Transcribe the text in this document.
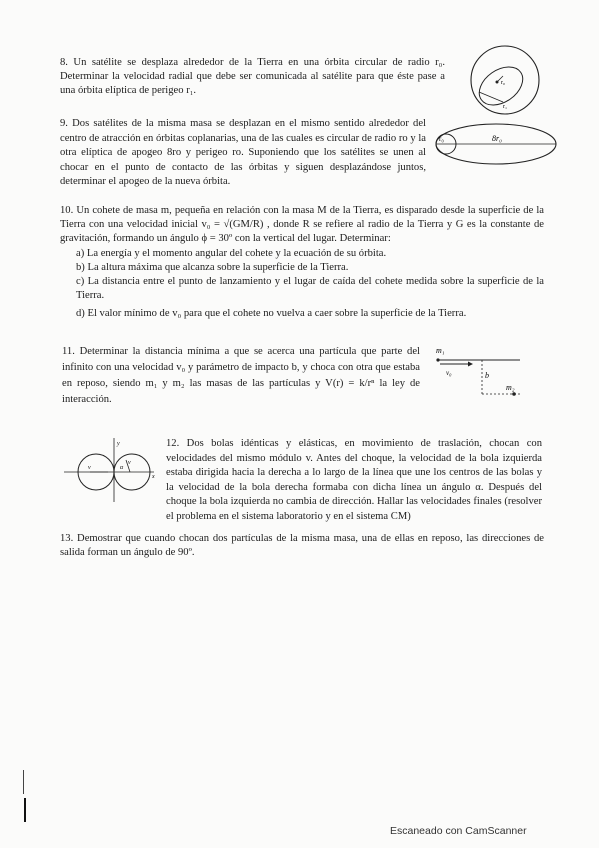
8. Un satélite se desplaza alrededor de la Tierra en una órbita circular de radio r₀. Determinar la velocidad radial que debe ser comunicada al satélite para que éste pase a una órbita elíptica de perigeo r₁.

r₀
r₁

9. Dos satélites de la misma masa se desplazan en el mismo sentido alrededor del centro de atracción en órbitas coplanarias, una de las cuales es circular de radio ro y la otra elíptica de apogeo 8ro y perigeo ro. Suponiendo que los satélites se unen al chocar en el punto de contacto de las órbitas y siguen desplazándose juntos, determinar el apogeo de la nueva órbita.

r₀	8r₀

10. Un cohete de masa m, pequeña en relación con la masa M de la Tierra, es disparado desde la superficie de la Tierra con una velocidad inicial v₀ = √(GM/R) , donde R se refiere al radio de la Tierra y G es la constante de gravitación, formando un ángulo ϕ = 30º con la vertical del lugar. Determinar:

a) La energía y el momento angular del cohete y la ecuación de su órbita.

b) La altura máxima que alcanza sobre la superficie de la Tierra.

c) La distancia entre el punto de lanzamiento y el lugar de caída del cohete medida sobre la superficie de la Tierra.

d) El valor mínimo de v₀ para que el cohete no vuelva a caer sobre la superficie de la Tierra.

11. Determinar la distancia mínima a que se acerca una partícula que parte del infinito con una velocidad v₀ y parámetro de impacto b, y choca con otra que estaba en reposo, siendo m₁ y m₂ las masas de las partículas y V(r) = k/rⁿ la ley de interacción.

m₁
v₀	b
m₂
y
x
v	α
v

12. Dos bolas idénticas y elásticas, en movimiento de traslación, chocan con velocidades del mismo módulo v. Antes del choque, la velocidad de la bola izquierda estaba dirigida hacia la derecha a lo largo de la línea que une los centros de las bolas y la velocidad de la bola derecha formaba con dicha línea un ángulo α. Después del choque la bola izquierda no cambia de dirección. Hallar las velocidades finales (resolver el problema en el sistema laboratorio y en el sistema CM)

13. Demostrar que cuando chocan dos partículas de la misma masa, una de ellas en reposo, las direcciones de salida forman un ángulo de 90º.

Escaneado con CamScanner
